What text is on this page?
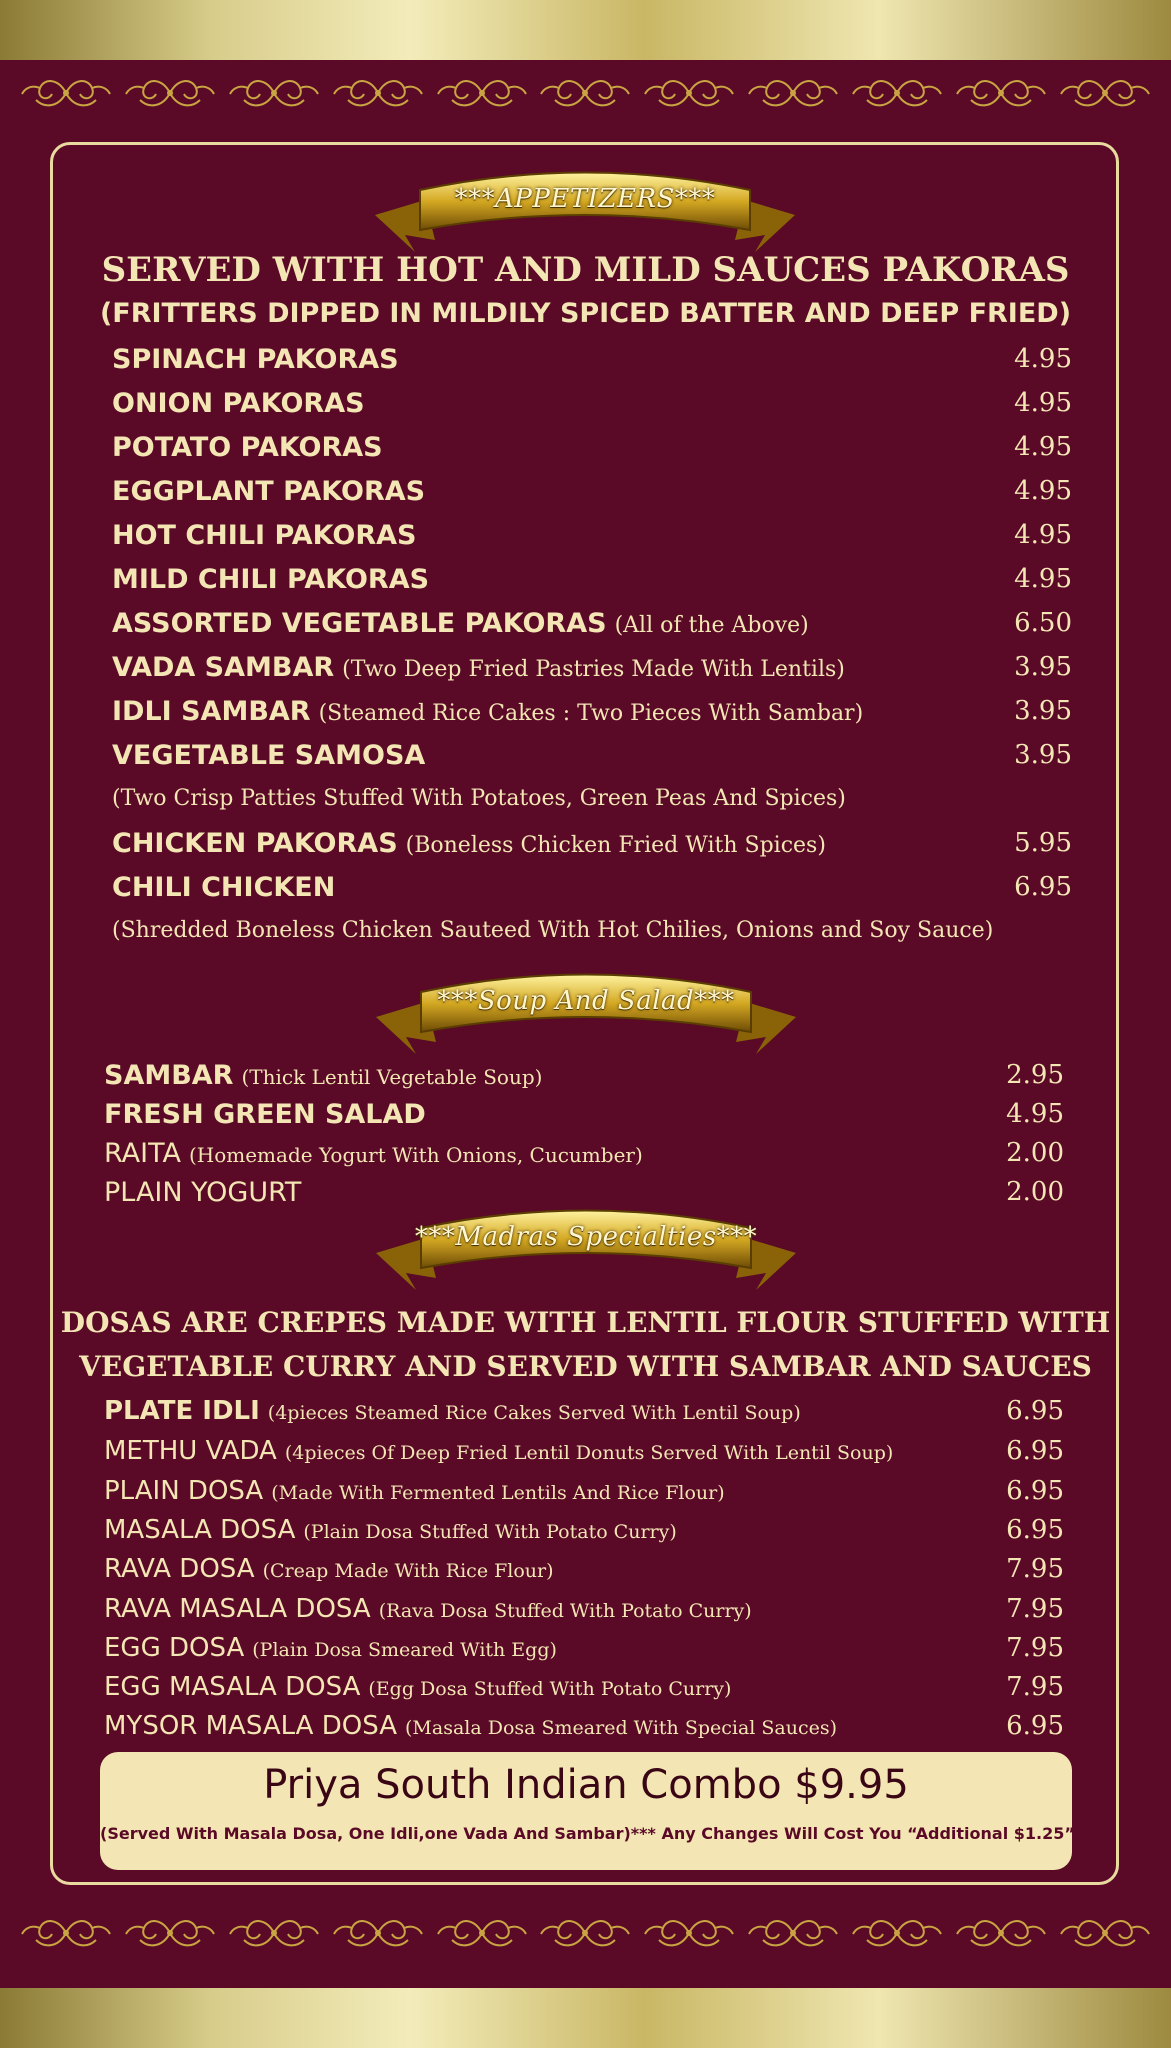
***APPETIZERS***
SERVED WITH HOT AND MILD SAUCES PAKORAS
(FRITTERS DIPPED IN MILDILY SPICED BATTER AND DEEP FRIED)
SPINACH PAKORAS	4.95
ONION PAKORAS	4.95
POTATO PAKORAS	4.95
EGGPLANT PAKORAS	4.95
HOT CHILI PAKORAS	4.95
MILD CHILI PAKORAS	4.95
ASSORTED VEGETABLE PAKORAS (All of the Above)	6.50
VADA SAMBAR (Two Deep Fried Pastries Made With Lentils)	3.95
IDLI SAMBAR (Steamed Rice Cakes : Two Pieces With Sambar)	3.95
VEGETABLE SAMOSA	3.95
(Two Crisp Patties Stuffed With Potatoes, Green Peas And Spices)
CHICKEN PAKORAS (Boneless Chicken Fried With Spices)	5.95
CHILI CHICKEN	6.95
(Shredded Boneless Chicken Sauteed With Hot Chilies, Onions and Soy Sauce)
***Soup And Salad***
SAMBAR (Thick Lentil Vegetable Soup)	2.95
FRESH GREEN SALAD	4.95
RAITA (Homemade Yogurt With Onions, Cucumber)	2.00
PLAIN YOGURT	2.00
***Madras Specialties***
DOSAS ARE CREPES MADE WITH LENTIL FLOUR STUFFED WITH
VEGETABLE CURRY AND SERVED WITH SAMBAR AND SAUCES
PLATE IDLI (4pieces Steamed Rice Cakes Served With Lentil Soup)	6.95
METHU VADA (4pieces Of Deep Fried Lentil Donuts Served With Lentil Soup)	6.95
PLAIN DOSA (Made With Fermented Lentils And Rice Flour)	6.95
MASALA DOSA (Plain Dosa Stuffed With Potato Curry)	6.95
RAVA DOSA (Creap Made With Rice Flour)	7.95
RAVA MASALA DOSA (Rava Dosa Stuffed With Potato Curry)	7.95
EGG DOSA (Plain Dosa Smeared With Egg)	7.95
EGG MASALA DOSA (Egg Dosa Stuffed With Potato Curry)	7.95
MYSOR MASALA DOSA (Masala Dosa Smeared With Special Sauces)	6.95
Priya South Indian Combo $9.95
(Served With Masala Dosa, One Idli,one Vada And Sambar)*** Any Changes Will Cost You “Additional $1.25”***
